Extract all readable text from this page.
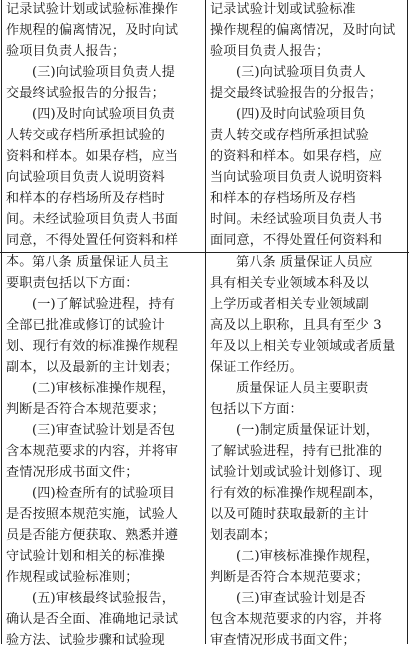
记录试验计划或试验标准操作
作规程的偏离情况，及时向试
验项目负责人报告；
(三)向试验项目负责人提
交最终试验报告的分报告；
(四)及时向试验项目负责
人转交或存档所承担试验的
资料和样本。如果存档，应当
向试验项目负责人说明资料
和样本的存档场所及存档时
间。未经试验项目负责人书面
同意，不得处置任何资料和样
本。
记录试验计划或试验标准
操作规程的偏离情况，及时向试
验项目负责人报告；
(三)向试验项目负责人
提交最终试验报告的分报告；
(四)及时向试验项目负
责人转交或存档所承担试验
的资料和样本。如果存档，应
当向试验项目负责人说明资料
和样本的存档场所及存档
时间。未经试验项目负责人书
面同意，不得处置任何资料和
第八条 质量保证人员主
要职责包括以下方面：
(一)了解试验进程，持有
全部已批准或修订的试验计
划、现行有效的标准操作规程
副本，以及最新的主计划表；
(二)审核标准操作规程，
判断是否符合本规范要求；
(三)审查试验计划是否包
含本规范要求的内容，并将审
查情况形成书面文件；
(四)检查所有的试验项目
是否按照本规范实施，试验人
员是否能方便获取、熟悉并遵
守试验计划和相关的标准操
作规程或试验标准则；
(五)审核最终试验报告，
确认是否全面、准确地记录试
验方法、试验步骤和试验现
第八条 质量保证人员应
具有相关专业领域本科及以
上学历或者相关专业领域副
高及以上职称，且具有至少 3
年及以上相关专业领域或者质量
保证工作经历。
质量保证人员主要职责
包括以下方面：
(一)制定质量保证计划，
了解试验进程，持有已批准的
试验计划或试验计划修订、现
行有效的标准操作规程副本，
以及可随时获取最新的主计
划表副本；
(二)审核标准操作规程，
判断是否符合本规范要求；
(三)审查试验计划是否
包含本规范要求的内容，并将
审查情况形成书面文件；
